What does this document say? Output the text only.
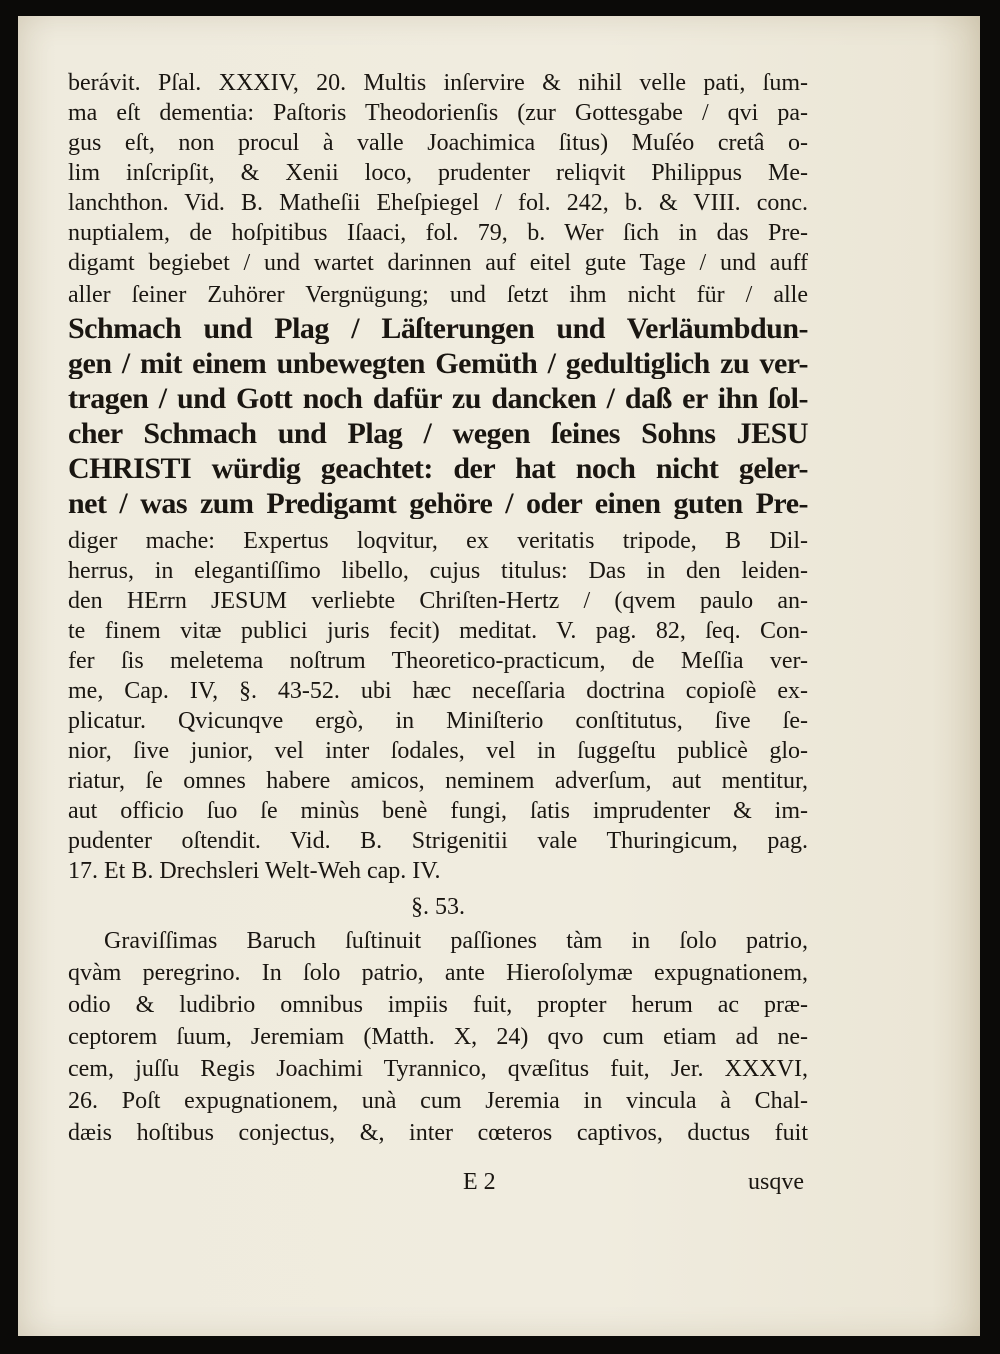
berávit. Pſal. XXXIV, 20. Multis inſervire & nihil velle pati, ſum-
ma eſt dementia: Paſtoris Theodorienſis (zur Gottesgabe / qvi pa-
gus eſt, non procul à valle Joachimica ſitus) Muſéo cretâ o-
lim inſcripſit, & Xenii loco, prudenter reliqvit Philippus Me-
lanchthon. Vid. B. Matheſii Eheſpiegel / fol. 242, b. & VIII. conc.
nuptialem, de hoſpitibus Iſaaci, fol. 79, b. Wer ſich in das Pre-
digamt begiebet / und wartet darinnen auf eitel gute Tage / und auff
aller ſeiner Zuhörer Vergnügung; und ſetzt ihm nicht für / alle
Schmach und Plag / Läſterungen und Verläumbdun-
gen / mit einem unbewegten Gemüth / gedultiglich zu ver-
tragen / und Gott noch dafür zu dancken / daß er ihn ſol-
cher Schmach und Plag / wegen ſeines Sohns JESU
CHRISTI würdig geachtet: der hat noch nicht geler-
net / was zum Predigamt gehöre / oder einen guten Pre-
diger mache: Expertus loqvitur, ex veritatis tripode, B Dil-
herrus, in elegantiſſimo libello, cujus titulus: Das in den leiden-
den HErrn JESUM verliebte Chriſten-Hertz / (qvem paulo an-
te finem vitæ publici juris fecit) meditat. V. pag. 82, ſeq. Con-
fer ſis meletema noſtrum Theoretico-practicum, de Meſſia ver-
me, Cap. IV, §. 43-52. ubi hæc neceſſaria doctrina copioſè ex-
plicatur. Qvicunqve ergò, in Miniſterio conſtitutus, ſive ſe-
nior, ſive junior, vel inter ſodales, vel in ſuggeſtu publicè glo-
riatur, ſe omnes habere amicos, neminem adverſum, aut mentitur,
aut officio ſuo ſe minùs benè fungi, ſatis imprudenter & im-
pudenter oſtendit. Vid. B. Strigenitii vale Thuringicum, pag.
17. Et B. Drechsleri Welt-Weh cap. IV.
§. 53.
Graviſſimas Baruch ſuſtinuit paſſiones tàm in ſolo patrio,
qvàm peregrino. In ſolo patrio, ante Hieroſolymæ expugnationem,
odio & ludibrio omnibus impiis fuit, propter herum ac præ-
ceptorem ſuum, Jeremiam (Matth. X, 24) qvo cum etiam ad ne-
cem, juſſu Regis Joachimi Tyrannico, qvæſitus fuit, Jer. XXXVI,
26. Poſt expugnationem, unà cum Jeremia in vincula à Chal-
dæis hoſtibus conjectus, &, inter cœteros captivos, ductus fuit
E 2	usqve
